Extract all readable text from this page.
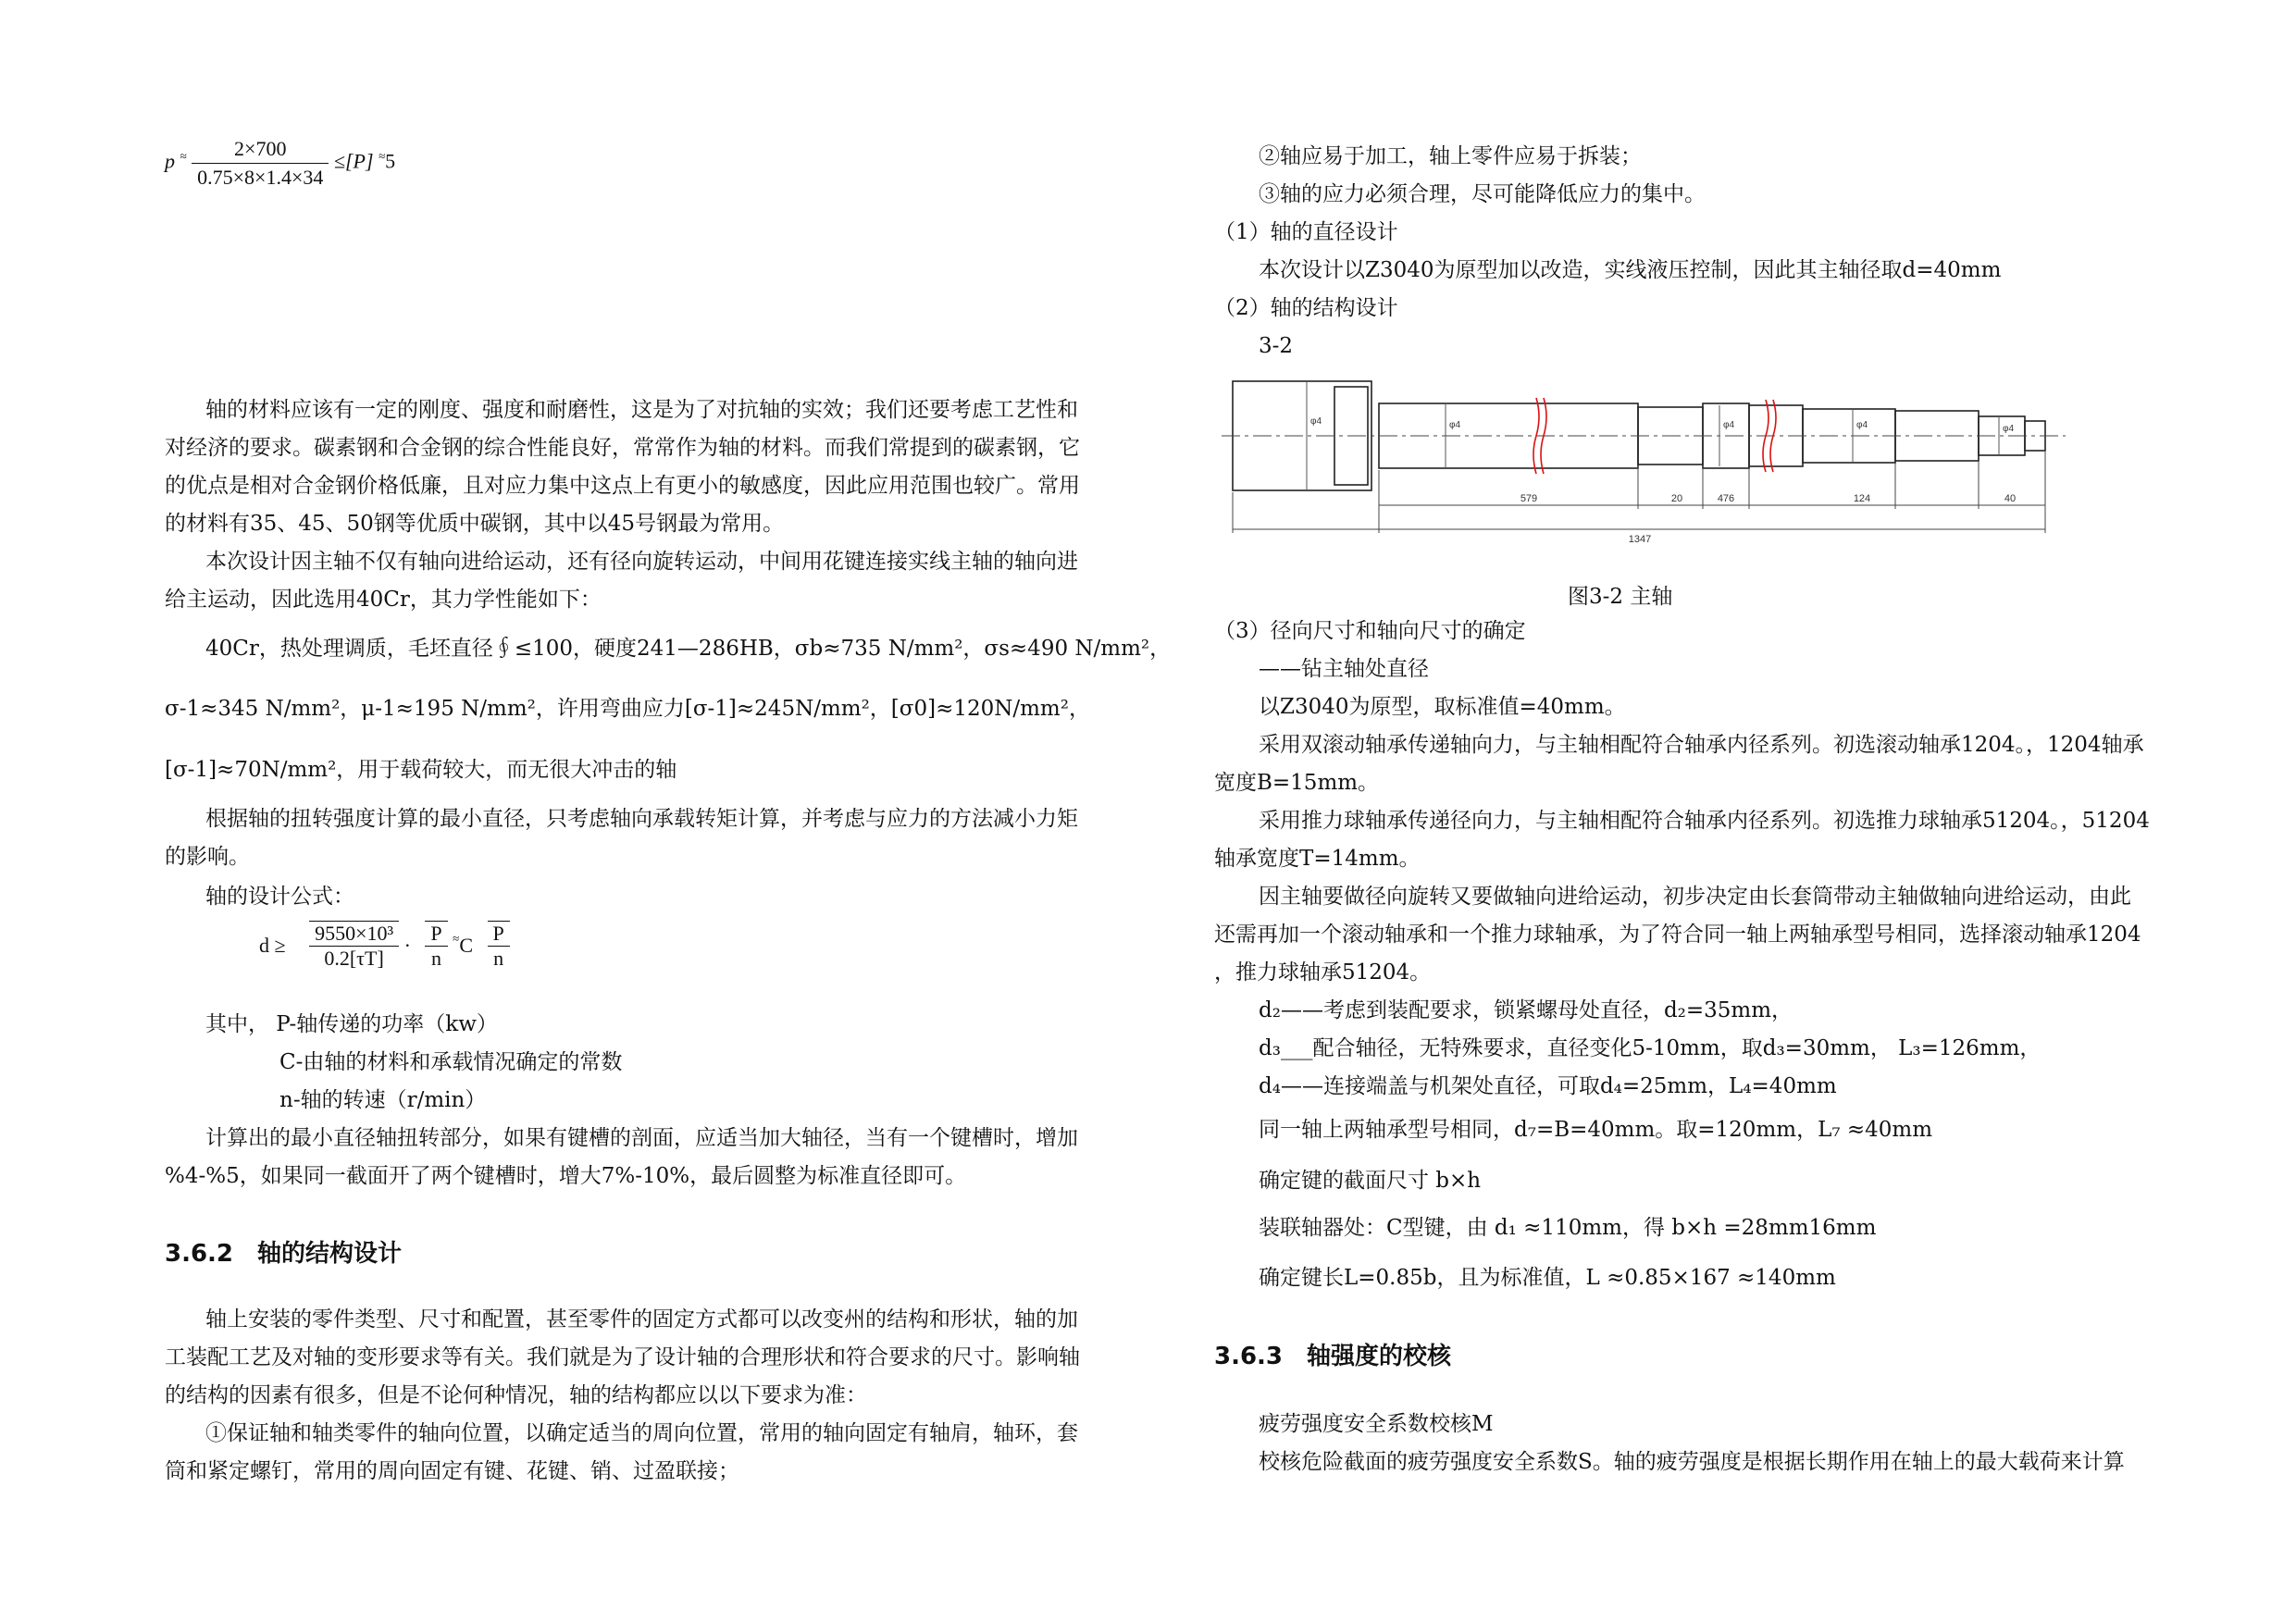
p $^\approx \frac{2\times 700}{0.75\times 8\times 1.4\times 34} \le[P]$ ≈5
轴的材料应该有一定的刚度、强度和耐磨性，这是为了对抗轴的实效；我们还要考虑工艺性和
对经济的要求。碳素钢和合金钢的综合性能良好，常常作为轴的材料。而我们常提到的碳素钢，它
的优点是相对合金钢价格低廉，且对应力集中这点上有更小的敏感度，因此应用范围也较广。常用
的材料有35、45、50钢等优质中碳钢，其中以45号钢最为常用。
本次设计因主轴不仅有轴向进给运动，还有径向旋转运动，中间用花键连接实线主轴的轴向进
给主运动，因此选用40Cr，其力学性能如下：
40Cr，热处理调质，毛坯直径∮≤100，硬度241—286HB，σb≈735 N/mm²，σs≈490 N/mm²，
σ-1≈345 N/mm²，μ-1≈195 N/mm²，许用弯曲应力[σ-1]≈245N/mm²，[σ0]≈120N/mm²，
[σ-1]≈70N/mm²，用于载荷较大，而无很大冲击的轴
根据轴的扭转强度计算的最小直径，只考虑轴向承载转矩计算，并考虑与应力的方法减小力矩
的影响。
轴的设计公式：
$d \ge \frac{\text{9550×10³}}{0.2[\tau T]} \cdot \frac{P}{n} ^\approx C \frac{P}{n}$
其中， P-轴传递的功率（kw）
C-由轴的材料和承载情况确定的常数
n-轴的转速（r/min）
计算出的最小直径轴扭转部分，如果有键槽的剖面，应适当加大轴径，当有一个键槽时，增加
%4-%5，如果同一截面开了两个键槽时，增大7%-10%，最后圆整为标准直径即可。
3.6.2　轴的结构设计
轴上安装的零件类型、尺寸和配置，甚至零件的固定方式都可以改变州的结构和形状，轴的加
工装配工艺及对轴的变形要求等有关。我们就是为了设计轴的合理形状和符合要求的尺寸。影响轴
的结构的因素有很多，但是不论何种情况，轴的结构都应以以下要求为准：
①保证轴和轴类零件的轴向位置，以确定适当的周向位置，常用的轴向固定有轴肩，轴环，套
筒和紧定螺钉，常用的周向固定有键、花键、销、过盈联接；
②轴应易于加工，轴上零件应易于拆装；
③轴的应力必须合理，尽可能降低应力的集中。
（1）轴的直径设计
本次设计以Z3040为原型加以改造，实线液压控制，因此其主轴径取d=40mm
（2）轴的结构设计
3-2
φ4	φ4	φ4	φ4	φ4
579	20	476	124	40
1347
图3-2 主轴
（3）径向尺寸和轴向尺寸的确定
——钻主轴处直径
以Z3040为原型，取标准值=40mm。
采用双滚动轴承传递轴向力，与主轴相配符合轴承内径系列。初选滚动轴承1204。，1204轴承
宽度B=15mm。
采用推力球轴承传递径向力，与主轴相配符合轴承内径系列。初选推力球轴承51204。，51204
轴承宽度T=14mm。
因主轴要做径向旋转又要做轴向进给运动，初步决定由长套筒带动主轴做轴向进给运动，由此
还需再加一个滚动轴承和一个推力球轴承，为了符合同一轴上两轴承型号相同，选择滚动轴承1204
，推力球轴承51204。
d₂——考虑到装配要求，锁紧螺母处直径，d₂=35mm，
d₃___配合轴径，无特殊要求，直径变化5-10mm，取d₃=30mm， L₃=126mm，
d₄——连接端盖与机架处直径，可取d₄=25mm，L₄=40mm
同一轴上两轴承型号相同，d₇=B=40mm。取=120mm，L₇ ≈40mm
确定键的截面尺寸 b×h
装联轴器处：C型键，由 d₁ ≈110mm，得 b×h =28mm16mm
确定键长L=0.85b，且为标准值，L ≈0.85×167 ≈140mm
3.6.3　轴强度的校核
疲劳强度安全系数校核M
校核危险截面的疲劳强度安全系数S。轴的疲劳强度是根据长期作用在轴上的最大载荷来计算
